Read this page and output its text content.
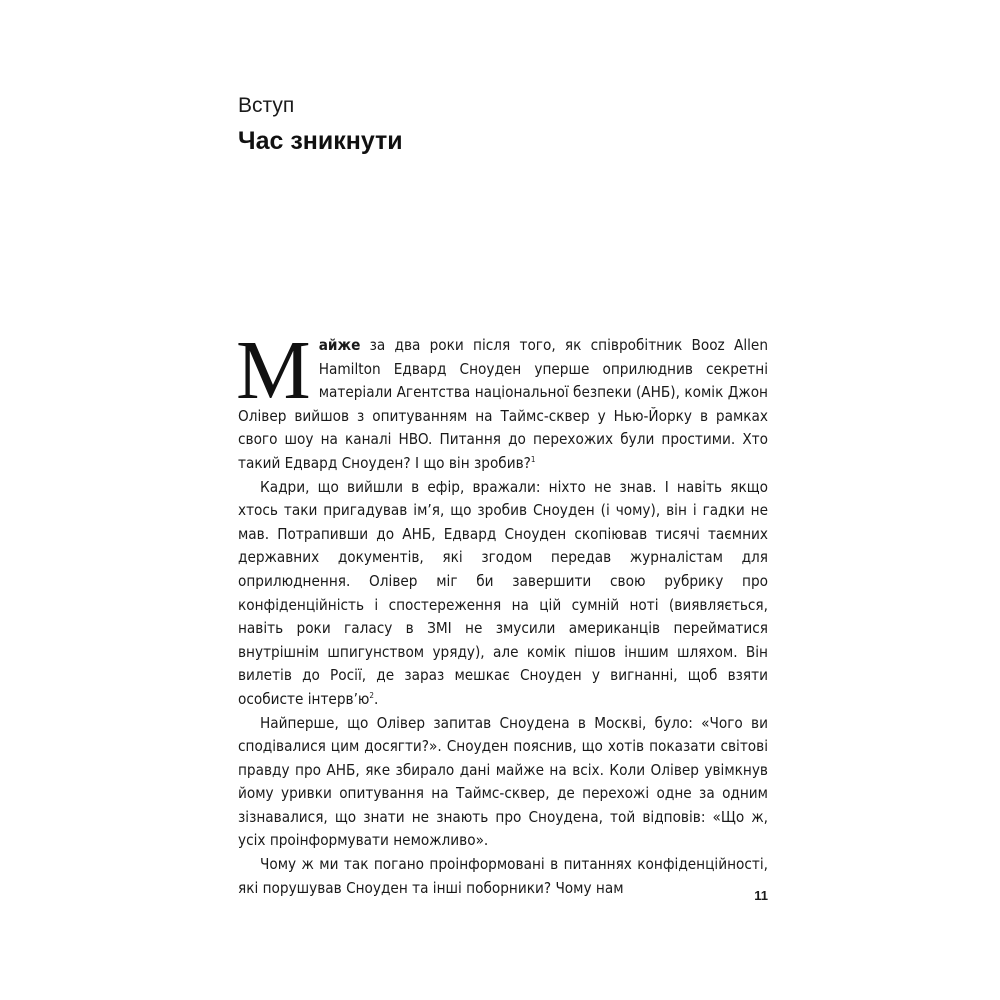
Вступ
Час зникнути

Майже за два роки після того, як співробітник Booz Allen Hamilton Едвард Сноуден уперше оприлюднив секретні матеріали Агентства національної безпеки (АНБ), комік Джон Олівер вийшов з опитуванням на Таймс-сквер у Нью-Йорку в рамках свого шоу на каналі HBO. Питання до перехожих були простими. Хто такий Едвард Сноуден? І що він зробив?$^1$

Кадри, що вийшли в ефір, вражали: ніхто не знав. І навіть якщо хтось таки пригадував ім’я, що зробив Сноуден (і чому), він і гадки не мав. Потрапивши до АНБ, Едвард Сноуден скопіював тисячі таємних державних документів, які згодом передав журналістам для оприлюднення. Олівер міг би завершити свою рубрику про конфіденційність і спостереження на цій сумній ноті (виявляється, навіть роки галасу в ЗМІ не змусили американців перейматися внутрішнім шпигунством уряду), але комік пішов іншим шляхом. Він вилетів до Росії, де зараз мешкає Сноуден у вигнанні, щоб взяти особисте інтерв’ю$^2$.

Найперше, що Олівер запитав Сноудена в Москві, було: «Чого ви сподівалися цим досягти?». Сноуден пояснив, що хотів показати світові правду про АНБ, яке збирало дані майже на всіх. Коли Олівер увімкнув йому уривки опитування на Таймс-сквер, де перехожі одне за одним зізнавалися, що знати не знають про Сноудена, той відповів: «Що ж, усіх проінформувати неможливо».

Чому ж ми так погано проінформовані в питаннях конфіденційності, які порушував Сноуден та інші поборники? Чому нам	11
